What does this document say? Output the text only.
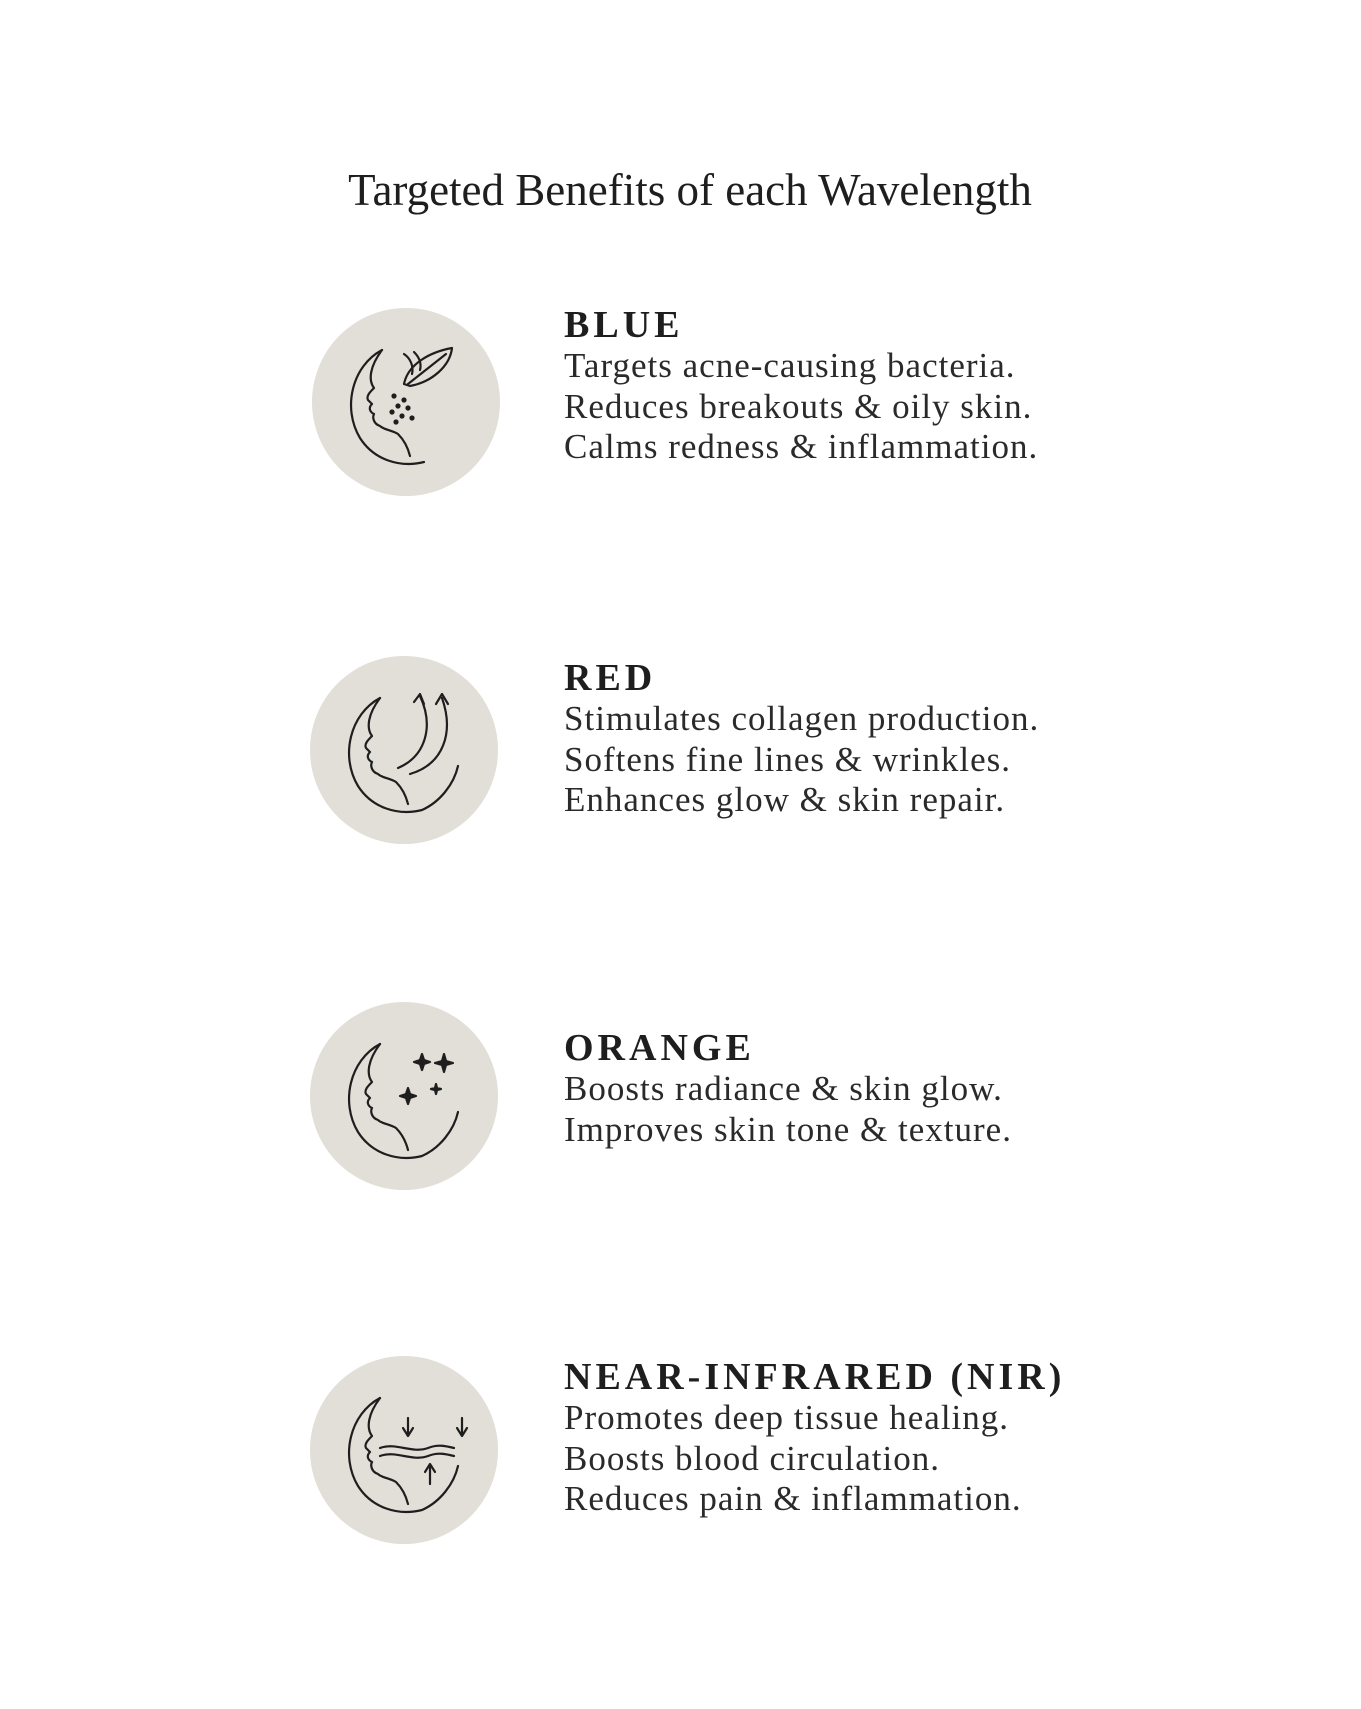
Targeted Benefits of each Wavelength
BLUE
Targets acne-causing bacteria.
Reduces breakouts & oily skin.
Calms redness & inflammation.
RED
Stimulates collagen production.
Softens fine lines & wrinkles.
Enhances glow & skin repair.
ORANGE
Boosts radiance & skin glow.
Improves skin tone & texture.
NEAR-INFRARED (NIR)
Promotes deep tissue healing.
Boosts blood circulation.
Reduces pain & inflammation.
